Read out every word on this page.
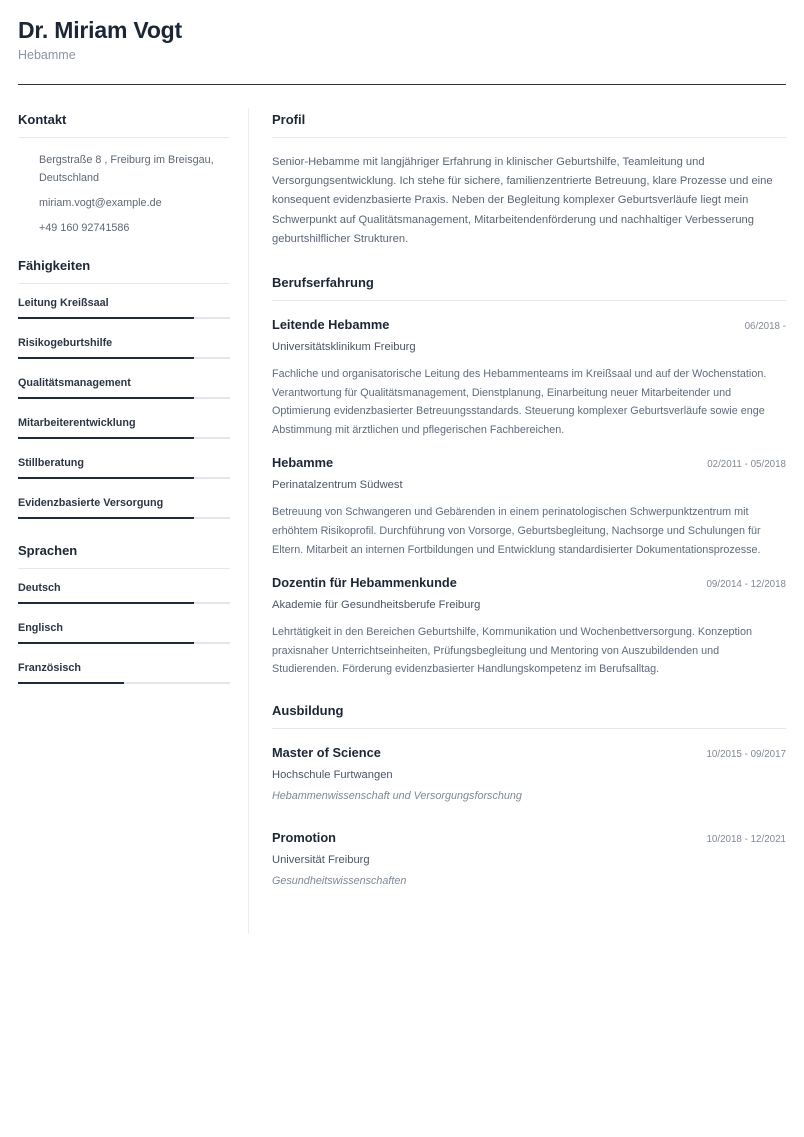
Dr. Miriam Vogt
Hebamme
Kontakt
Bergstraße 8 , Freiburg im Breisgau, Deutschland
miriam.vogt@example.de
+49 160 92741586
Fähigkeiten
Leitung Kreißsaal
Risikogeburtshilfe
Qualitätsmanagement
Mitarbeiterentwicklung
Stillberatung
Evidenzbasierte Versorgung
Sprachen
Deutsch
Englisch
Französisch
Profil

Senior-Hebamme mit langjähriger Erfahrung in klinischer Geburtshilfe, Teamleitung und Versorgungsentwicklung. Ich stehe für sichere, familienzentrierte Betreuung, klare Prozesse und eine konsequent evidenzbasierte Praxis. Neben der Begleitung komplexer Geburtsverläufe liegt mein Schwerpunkt auf Qualitätsmanagement, Mitarbeitendenförderung und nachhaltiger Verbesserung geburtshilflicher Strukturen.

Berufserfahrung
Leitende Hebamme	06/2018 -
Universitätsklinikum Freiburg

Fachliche und organisatorische Leitung des Hebammenteams im Kreißsaal und auf der Wochenstation. Verantwortung für Qualitätsmanagement, Dienstplanung, Einarbeitung neuer Mitarbeitender und Optimierung evidenzbasierter Betreuungsstandards. Steuerung komplexer Geburtsverläufe sowie enge Abstimmung mit ärztlichen und pflegerischen Fachbereichen.

Hebamme	02/2011 - 05/2018
Perinatalzentrum Südwest

Betreuung von Schwangeren und Gebärenden in einem perinatologischen Schwerpunktzentrum mit erhöhtem Risikoprofil. Durchführung von Vorsorge, Geburtsbegleitung, Nachsorge und Schulungen für Eltern. Mitarbeit an internen Fortbildungen und Entwicklung standardisierter Dokumentationsprozesse.

Dozentin für Hebammenkunde	09/2014 - 12/2018
Akademie für Gesundheitsberufe Freiburg

Lehrtätigkeit in den Bereichen Geburtshilfe, Kommunikation und Wochenbettversorgung. Konzeption praxisnaher Unterrichtseinheiten, Prüfungsbegleitung und Mentoring von Auszubildenden und Studierenden. Förderung evidenzbasierter Handlungskompetenz im Berufsalltag.

Ausbildung
Master of Science	10/2015 - 09/2017
Hochschule Furtwangen
Hebammenwissenschaft und Versorgungsforschung
Promotion	10/2018 - 12/2021
Universität Freiburg
Gesundheitswissenschaften
